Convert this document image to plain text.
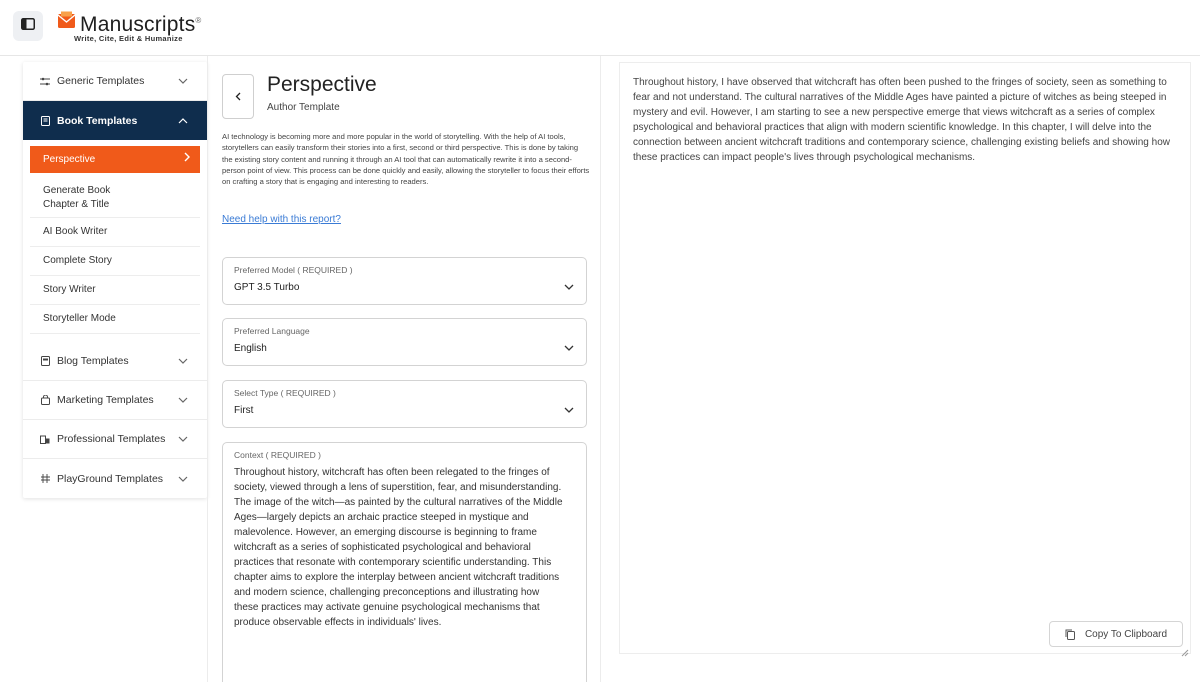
Manuscripts®
Write, Cite, Edit & Humanize
Generic Templates
Book Templates
Perspective
Generate Book Chapter & Title
AI Book Writer
Complete Story
Story Writer
Storyteller Mode
Blog Templates
Marketing Templates
Professional Templates
PlayGround Templates
Perspective
Author Template
AI technology is becoming more and more popular in the world of storytelling. With the help of AI tools, storytellers can easily transform their stories into a first, second or third perspective. This is done by taking the existing story content and running it through an AI tool that can automatically rewrite it into a second-person point of view. This process can be done quickly and easily, allowing the storyteller to focus their efforts on crafting a story that is engaging and interesting to readers.
Need help with this report?
Preferred Model ( REQUIRED )
GPT 3.5 Turbo
Preferred Language
English
Select Type ( REQUIRED )
First
Context ( REQUIRED )
Throughout history, witchcraft has often been relegated to the fringes of society, viewed through a lens of superstition, fear, and misunderstanding. The image of the witch—as painted by the cultural narratives of the Middle Ages—largely depicts an archaic practice steeped in mystique and malevolence. However, an emerging discourse is beginning to frame witchcraft as a series of sophisticated psychological and behavioral practices that resonate with contemporary scientific understanding. This chapter aims to explore the interplay between ancient witchcraft traditions and modern science, challenging preconceptions and illustrating how these practices may activate genuine psychological mechanisms that produce observable effects in individuals' lives.
Throughout history, I have observed that witchcraft has often been pushed to the fringes of society, seen as something to fear and not understand. The cultural narratives of the Middle Ages have painted a picture of witches as being steeped in mystery and evil. However, I am starting to see a new perspective emerge that views witchcraft as a series of complex psychological and behavioral practices that align with modern scientific knowledge. In this chapter, I will delve into the connection between ancient witchcraft traditions and contemporary science, challenging existing beliefs and showing how these practices can impact people's lives through psychological mechanisms.
Copy To Clipboard
